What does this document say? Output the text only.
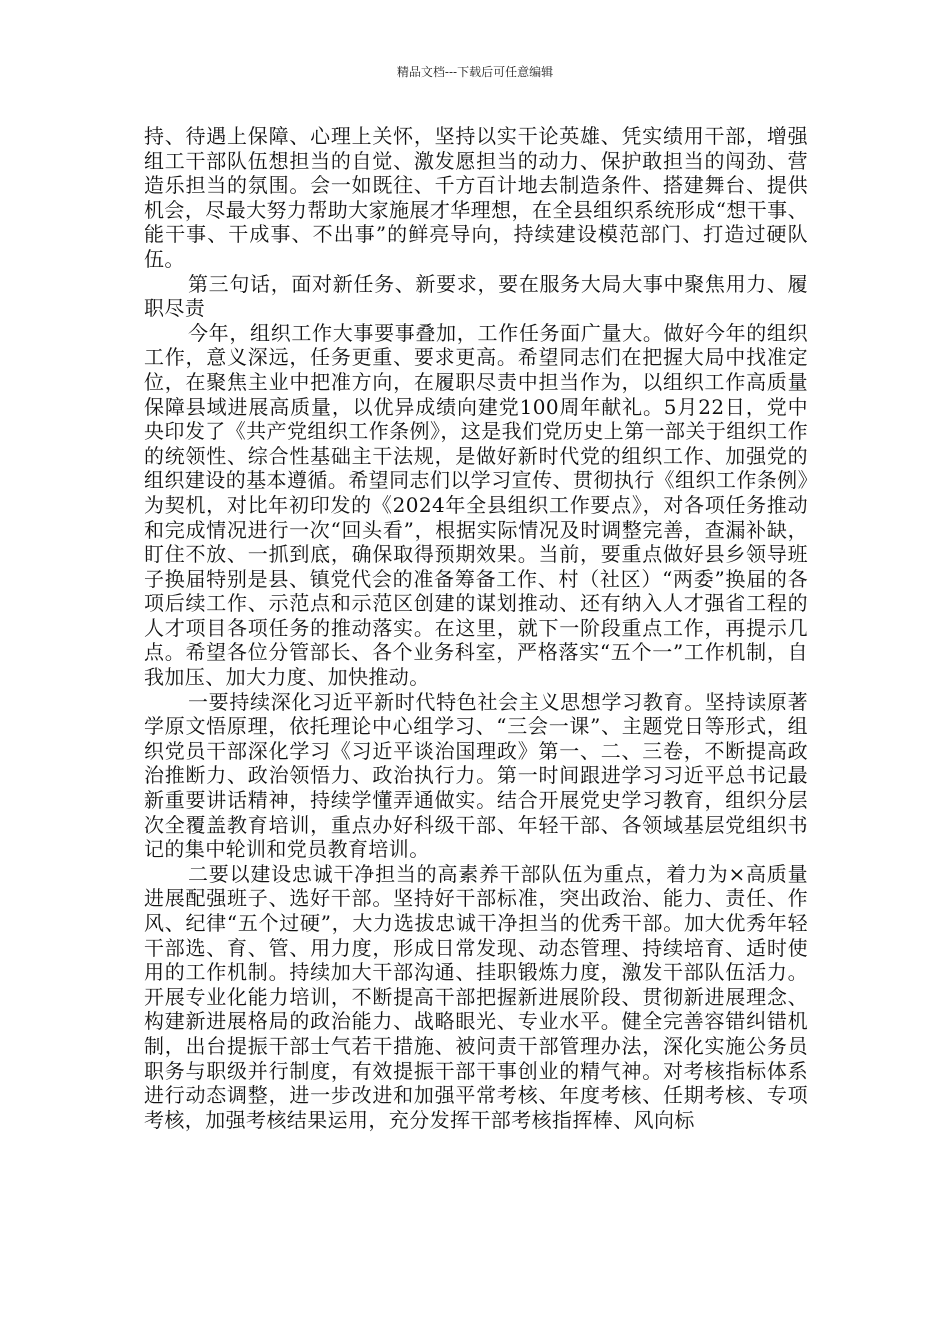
精品文档---下载后可任意编辑

持、待遇上保障、心理上关怀，坚持以实干论英雄、凭实绩用干部，增强组工干部队伍想担当的自觉、激发愿担当的动力、保护敢担当的闯劲、营造乐担当的氛围。会一如既往、千方百计地去制造条件、搭建舞台、提供机会，尽最大努力帮助大家施展才华理想，在全县组织系统形成“想干事、能干事、干成事、不出事”的鲜亮导向，持续建设模范部门、打造过硬队伍。

第三句话，面对新任务、新要求，要在服务大局大事中聚焦用力、履职尽责

今年，组织工作大事要事叠加，工作任务面广量大。做好今年的组织工作，意义深远，任务更重、要求更高。希望同志们在把握大局中找准定位，在聚焦主业中把准方向，在履职尽责中担当作为，以组织工作高质量保障县域进展高质量，以优异成绩向建党100周年献礼。5月22日，党中央印发了《共产党组织工作条例》，这是我们党历史上第一部关于组织工作的统领性、综合性基础主干法规，是做好新时代党的组织工作、加强党的组织建设的基本遵循。希望同志们以学习宣传、贯彻执行《组织工作条例》为契机，对比年初印发的《2024年全县组织工作要点》，对各项任务推动和完成情况进行一次“回头看”，根据实际情况及时调整完善，查漏补缺，盯住不放、一抓到底，确保取得预期效果。当前，要重点做好县乡领导班子换届特别是县、镇党代会的准备筹备工作、村（社区）“两委”换届的各项后续工作、示范点和示范区创建的谋划推动、还有纳入人才强省工程的人才项目各项任务的推动落实。在这里，就下一阶段重点工作，再提示几点。希望各位分管部长、各个业务科室，严格落实“五个一”工作机制，自我加压、加大力度、加快推动。

一要持续深化习近平新时代特色社会主义思想学习教育。坚持读原著学原文悟原理，依托理论中心组学习、“三会一课”、主题党日等形式，组织党员干部深化学习《习近平谈治国理政》第一、二、三卷，不断提高政治推断力、政治领悟力、政治执行力。第一时间跟进学习习近平总书记最新重要讲话精神，持续学懂弄通做实。结合开展党史学习教育，组织分层次全覆盖教育培训，重点办好科级干部、年轻干部、各领域基层党组织书记的集中轮训和党员教育培训。

二要以建设忠诚干净担当的高素养干部队伍为重点，着力为×高质量进展配强班子、选好干部。坚持好干部标准，突出政治、能力、责任、作风、纪律“五个过硬”，大力选拔忠诚干净担当的优秀干部。加大优秀年轻干部选、育、管、用力度，形成日常发现、动态管理、持续培育、适时使用的工作机制。持续加大干部沟通、挂职锻炼力度，激发干部队伍活力。开展专业化能力培训，不断提高干部把握新进展阶段、贯彻新进展理念、构建新进展格局的政治能力、战略眼光、专业水平。健全完善容错纠错机制，出台提振干部士气若干措施、被问责干部管理办法，深化实施公务员职务与职级并行制度，有效提振干部干事创业的精气神。对考核指标体系进行动态调整，进一步改进和加强平常考核、年度考核、任期考核、专项考核，加强考核结果运用，充分发挥干部考核指挥棒、风向标
